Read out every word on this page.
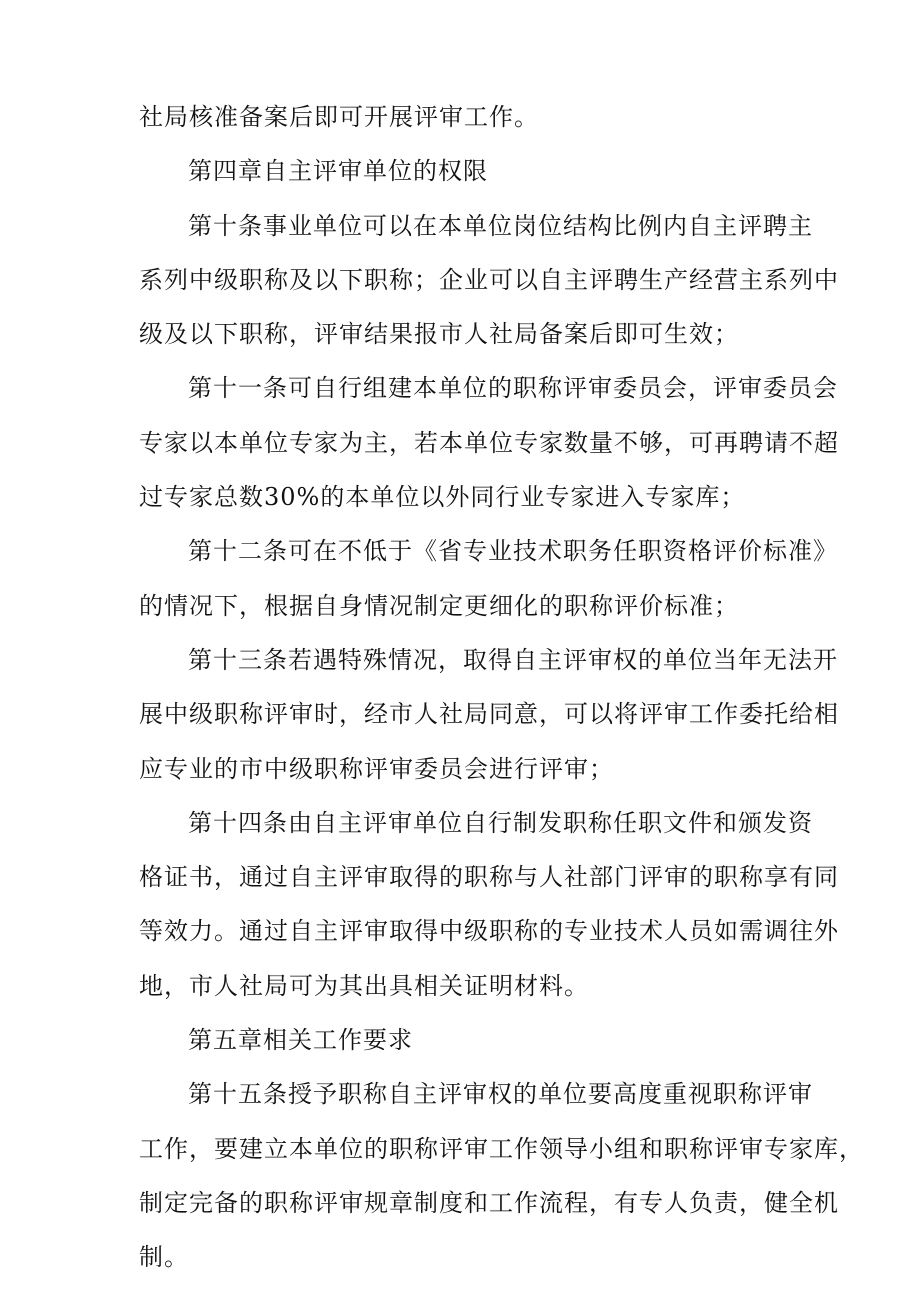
社局核准备案后即可开展评审工作。
第四章自主评审单位的权限
第十条事业单位可以在本单位岗位结构比例内自主评聘主
系列中级职称及以下职称；企业可以自主评聘生产经营主系列中
级及以下职称，评审结果报市人社局备案后即可生效；
第十一条可自行组建本单位的职称评审委员会，评审委员会
专家以本单位专家为主，若本单位专家数量不够，可再聘请不超
过专家总数30%的本单位以外同行业专家进入专家库；
第十二条可在不低于《省专业技术职务任职资格评价标准》
的情况下，根据自身情况制定更细化的职称评价标准；
第十三条若遇特殊情况，取得自主评审权的单位当年无法开
展中级职称评审时，经市人社局同意，可以将评审工作委托给相
应专业的市中级职称评审委员会进行评审；
第十四条由自主评审单位自行制发职称任职文件和颁发资
格证书，通过自主评审取得的职称与人社部门评审的职称享有同
等效力。通过自主评审取得中级职称的专业技术人员如需调往外
地，市人社局可为其出具相关证明材料。
第五章相关工作要求
第十五条授予职称自主评审权的单位要高度重视职称评审
工作，要建立本单位的职称评审工作领导小组和职称评审专家库，
制定完备的职称评审规章制度和工作流程，有专人负责，健全机
制。
